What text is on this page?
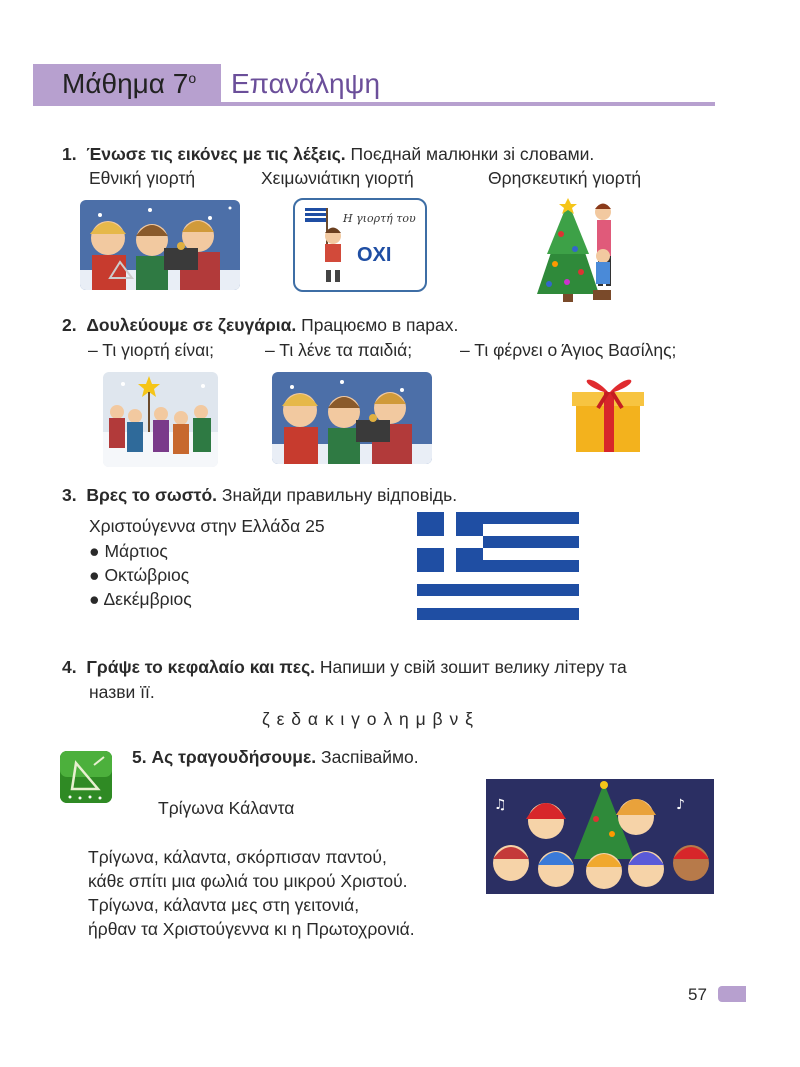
Μάθημα $7^o$ Επανάληψη
1. Ένωσε τις εικόνες με τις λέξεις. Поєднай малюнки зі словами.
Εθνική γιορτή	Χειμωνιάτικη γιορτή	Θρησκευτική γιορτή
Η γιορτή του
ΟΧΙ
2. Δουλεύουμε σε ζευγάρια. Працюємо в парах.
– Τι γιορτή είναι;	– Τι λένε τα παιδιά;	– Τι φέρνει ο Άγιος Βασίλης;
3. Βρες το σωστό. Знайди правильну відповідь.
Χριστούγεννα στην Ελλάδα 25
● Μάρτιος
● Οκτώβριος
● Δεκέμβριος
4. Γράψε το κεφαλαίο και πες. Напиши у свій зошит велику літеру та
назви її.
ζ ε δ α κ ι γ ο λ η μ β ν ξ
5. Ας τραγουδήσουμε. Заспіваймо.
Τρίγωνα Κάλαντα	♪
♫
Τρίγωνα, κάλαντα, σκόρπισαν παντού,
κάθε σπίτι μια φωλιά του μικρού Χριστού.
Τρίγωνα, κάλαντα μες στη γειτονιά,
ήρθαν τα Χριστούγεννα κι η Πρωτοχρονιά.
57
